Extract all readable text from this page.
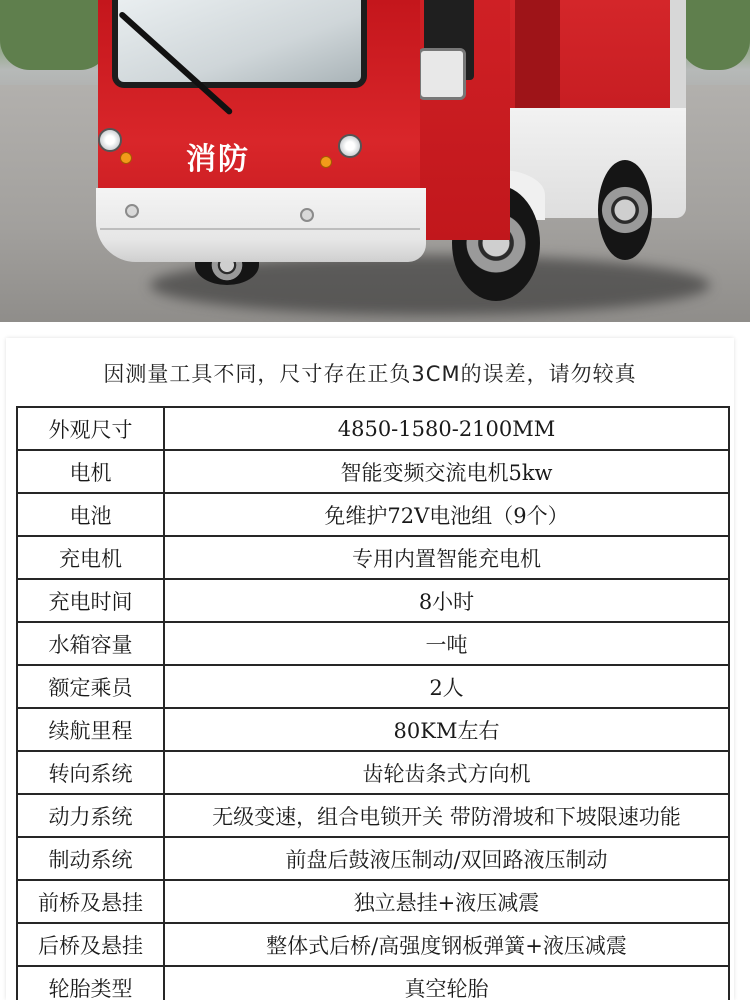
消防
因测量工具不同，尺寸存在正负3CM的误差，请勿较真
外观尺寸	4850-1580-2100MM
电机	智能变频交流电机5kw
电池	免维护72V电池组（9个）
充电机	专用内置智能充电机
充电时间	8小时
水箱容量	一吨
额定乘员	2人
续航里程	80KM左右
转向系统	齿轮齿条式方向机
动力系统	无级变速，组合电锁开关 带防滑坡和下坡限速功能
制动系统	前盘后鼓液压制动/双回路液压制动
前桥及悬挂	独立悬挂+液压减震
后桥及悬挂	整体式后桥/高强度钢板弹簧+液压减震
轮胎类型	真空轮胎
